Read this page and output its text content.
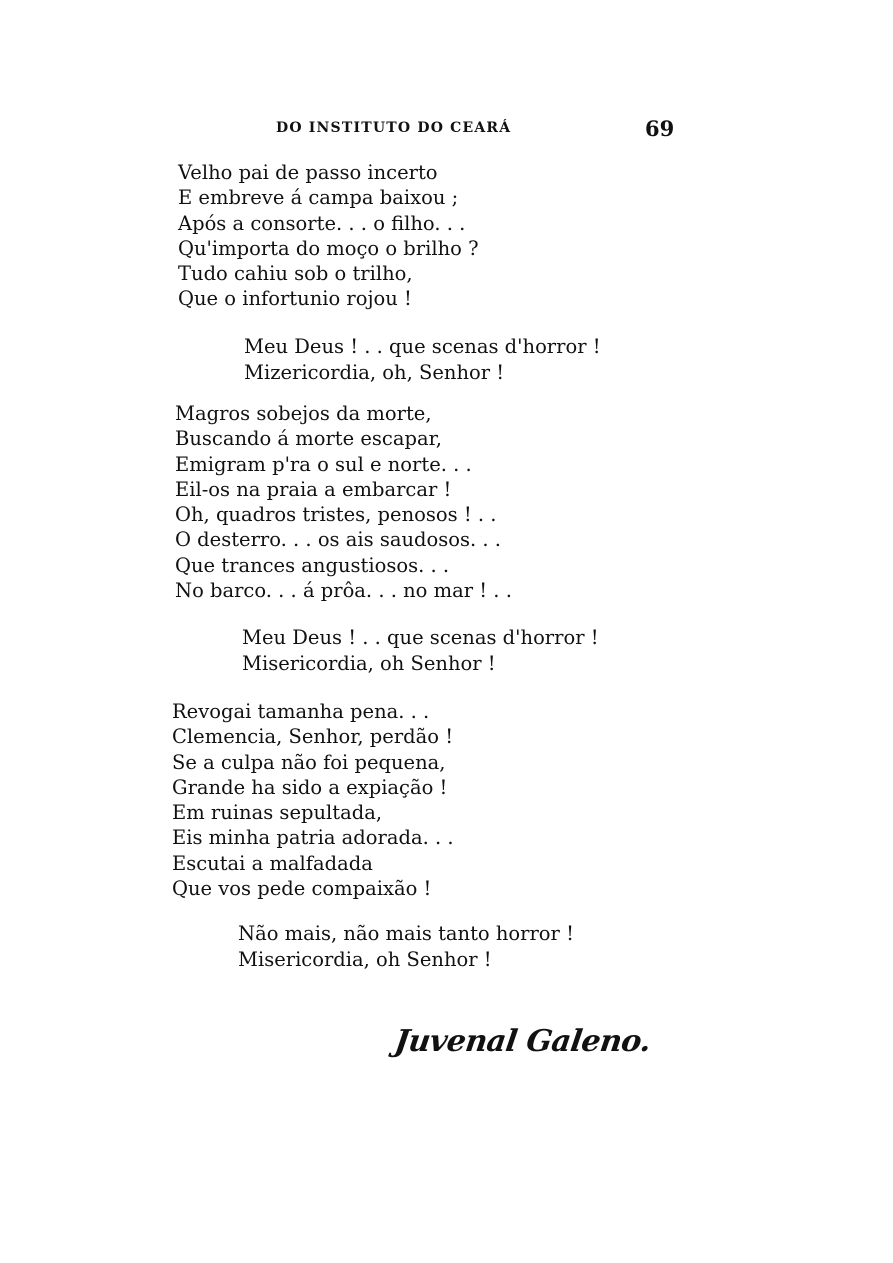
DO INSTITUTO DO CEARÁ	69
Velho pai de passo incerto
E embreve á campa baixou ;
Após a consorte. . . o filho. . .
Qu'importa do moço o brilho ?
Tudo cahiu sob o trilho,
Que o infortunio rojou !
Meu Deus ! . . que scenas d'horror !
Mizericordia, oh, Senhor !
Magros sobejos da morte,
Buscando á morte escapar,
Emigram p'ra o sul e norte. . .
Eil-os na praia a embarcar !
Oh, quadros tristes, penosos ! . .
O desterro. . . os ais saudosos. . .
Que trances angustiosos. . .
No barco. . . á prôa. . . no mar ! . .
Meu Deus ! . . que scenas d'horror !
Misericordia, oh Senhor !
Revogai tamanha pena. . .
Clemencia, Senhor, perdão !
Se a culpa não foi pequena,
Grande ha sido a expiação !
Em ruinas sepultada,
Eis minha patria adorada. . .
Escutai a malfadada
Que vos pede compaixão !
Não mais, não mais tanto horror !
Misericordia, oh Senhor !
Juvenal Galeno.
